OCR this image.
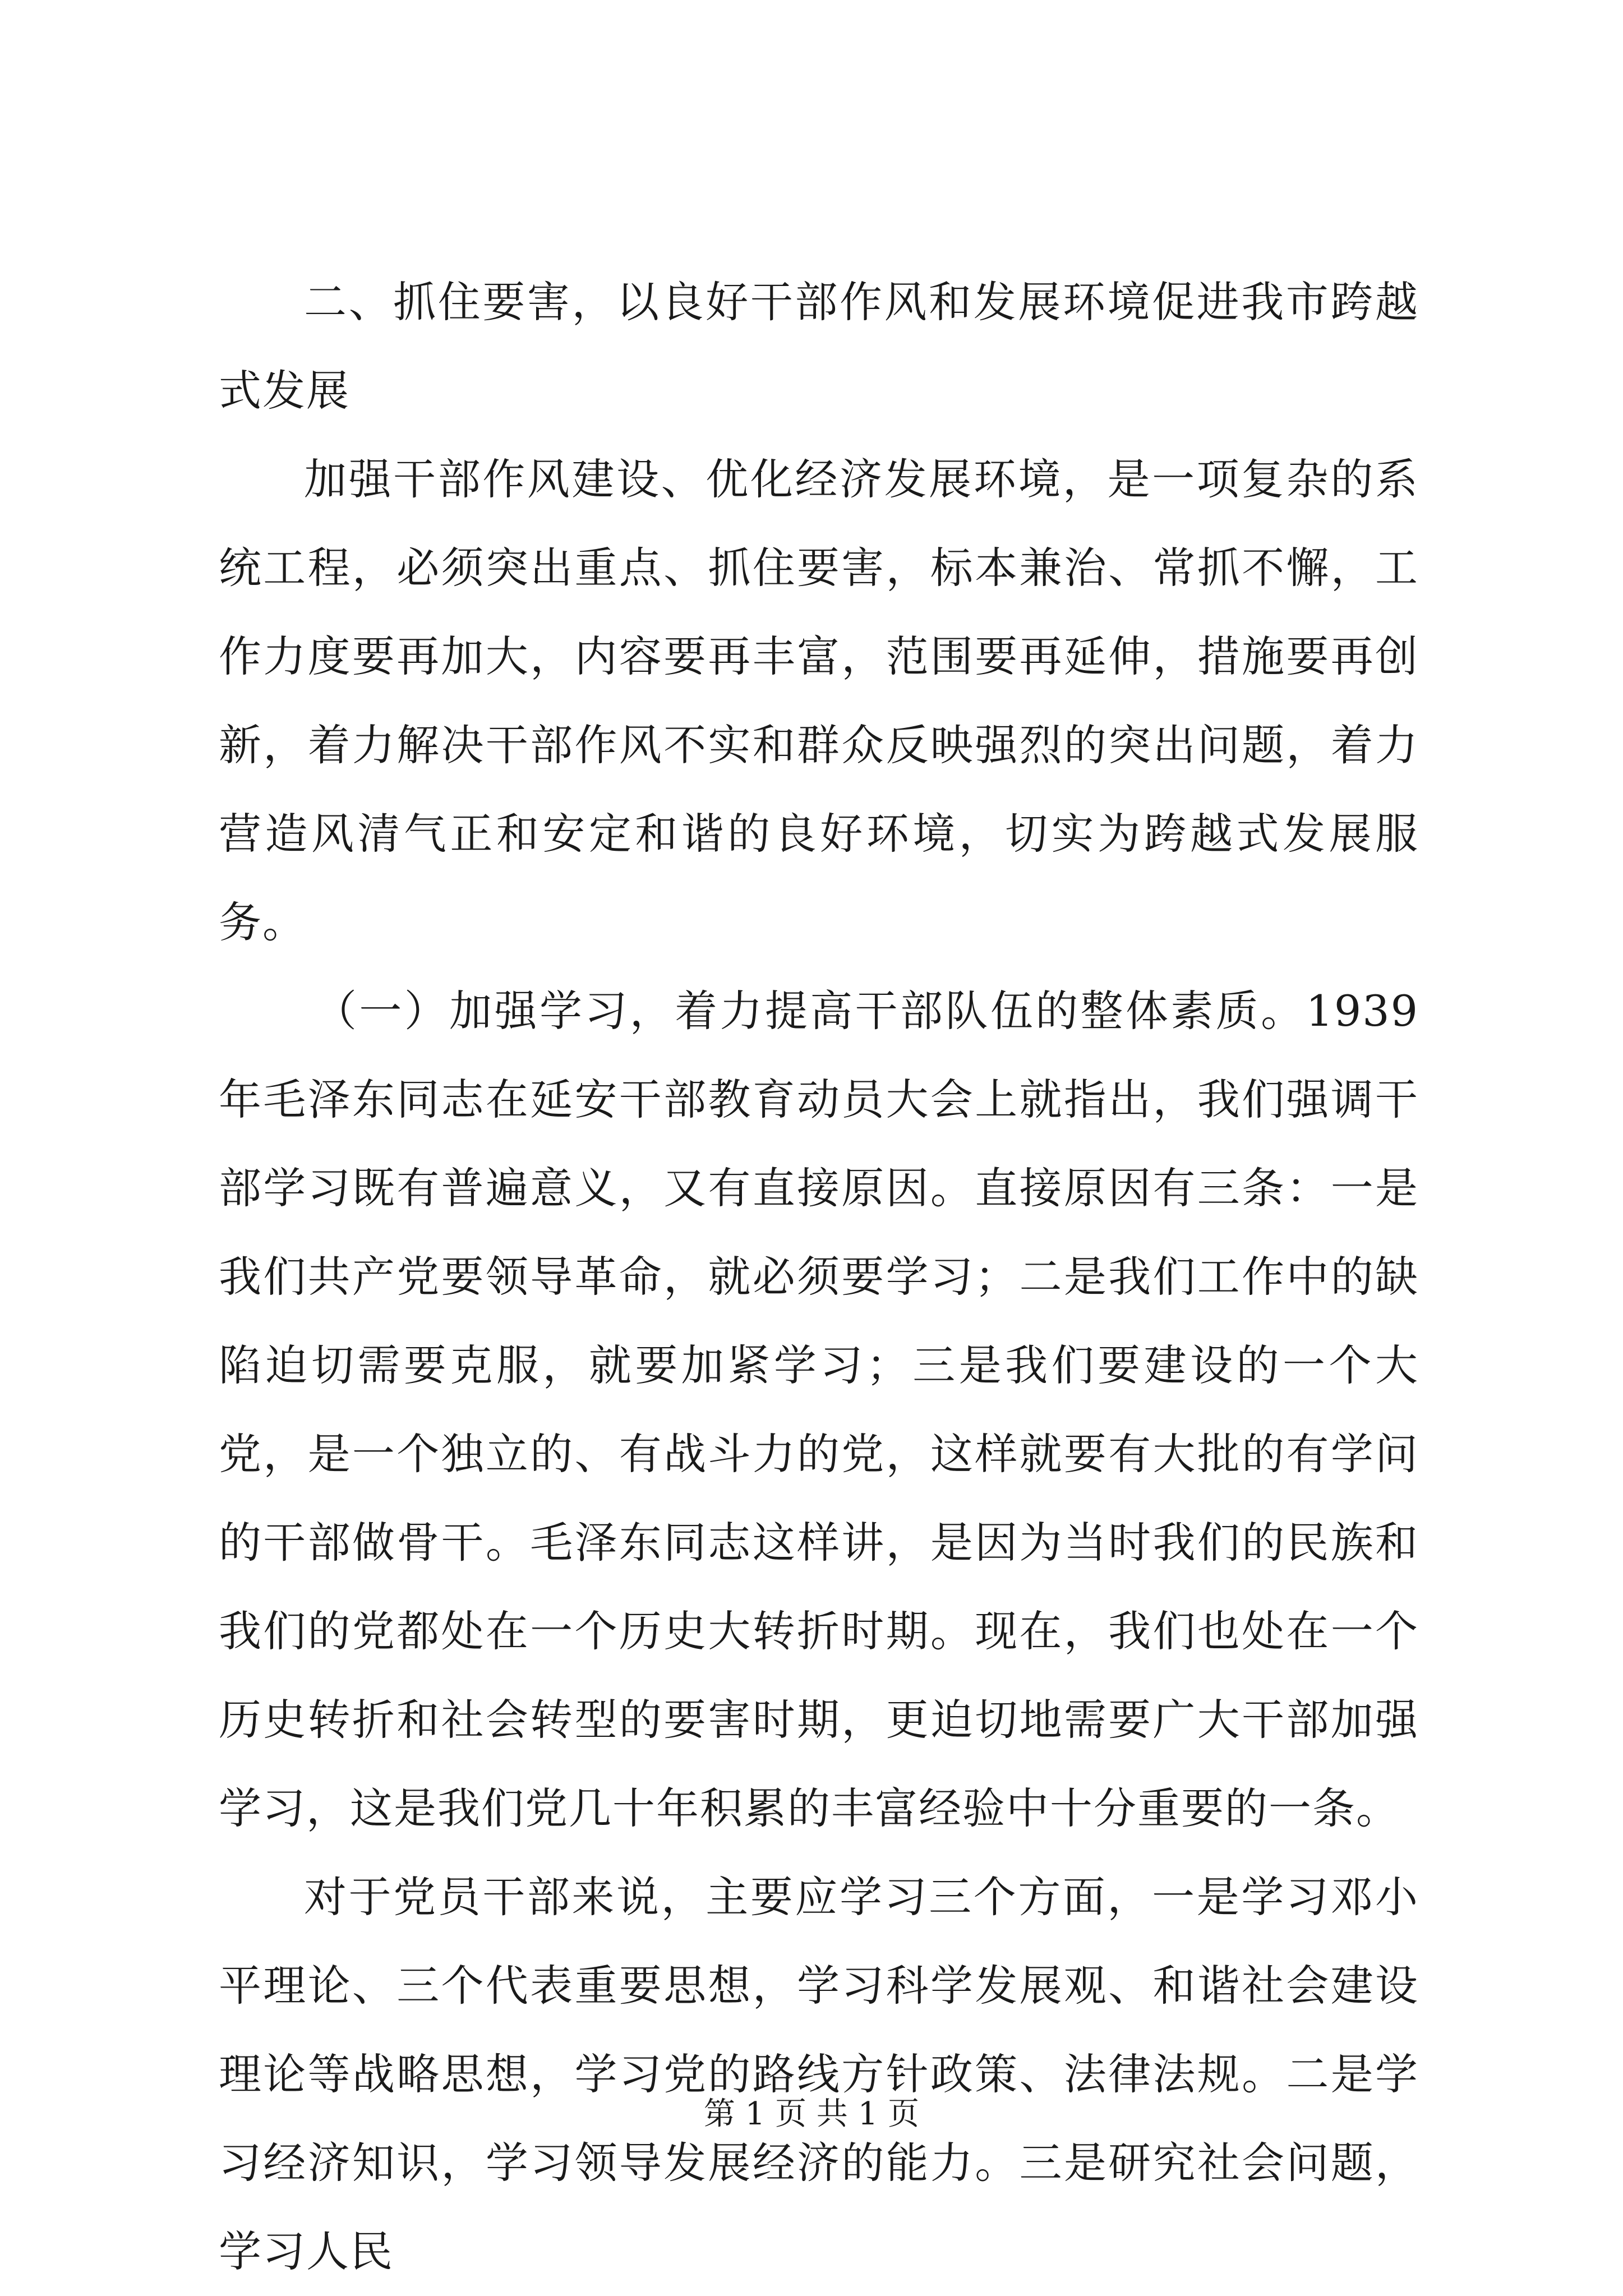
二、抓住要害，以良好干部作风和发展环境促进我市跨越式发展

加强干部作风建设、优化经济发展环境，是一项复杂的系统工程，必须突出重点、抓住要害，标本兼治、常抓不懈，工作力度要再加大，内容要再丰富，范围要再延伸，措施要再创新，着力解决干部作风不实和群众反映强烈的突出问题，着力营造风清气正和安定和谐的良好环境，切实为跨越式发展服务。

（一）加强学习，着力提高干部队伍的整体素质。1939年毛泽东同志在延安干部教育动员大会上就指出，我们强调干部学习既有普遍意义，又有直接原因。直接原因有三条：一是我们共产党要领导革命，就必须要学习；二是我们工作中的缺陷迫切需要克服，就要加紧学习；三是我们要建设的一个大党，是一个独立的、有战斗力的党，这样就要有大批的有学问的干部做骨干。毛泽东同志这样讲，是因为当时我们的民族和我们的党都处在一个历史大转折时期。现在，我们也处在一个历史转折和社会转型的要害时期，更迫切地需要广大干部加强学习，这是我们党几十年积累的丰富经验中十分重要的一条。

对于党员干部来说，主要应学习三个方面，一是学习邓小平理论、三个代表重要思想，学习科学发展观、和谐社会建设理论等战略思想，学习党的路线方针政策、法律法规。二是学习经济知识，学习领导发展经济的能力。三是研究社会问题，学习人民

第 1 页 共 1 页
